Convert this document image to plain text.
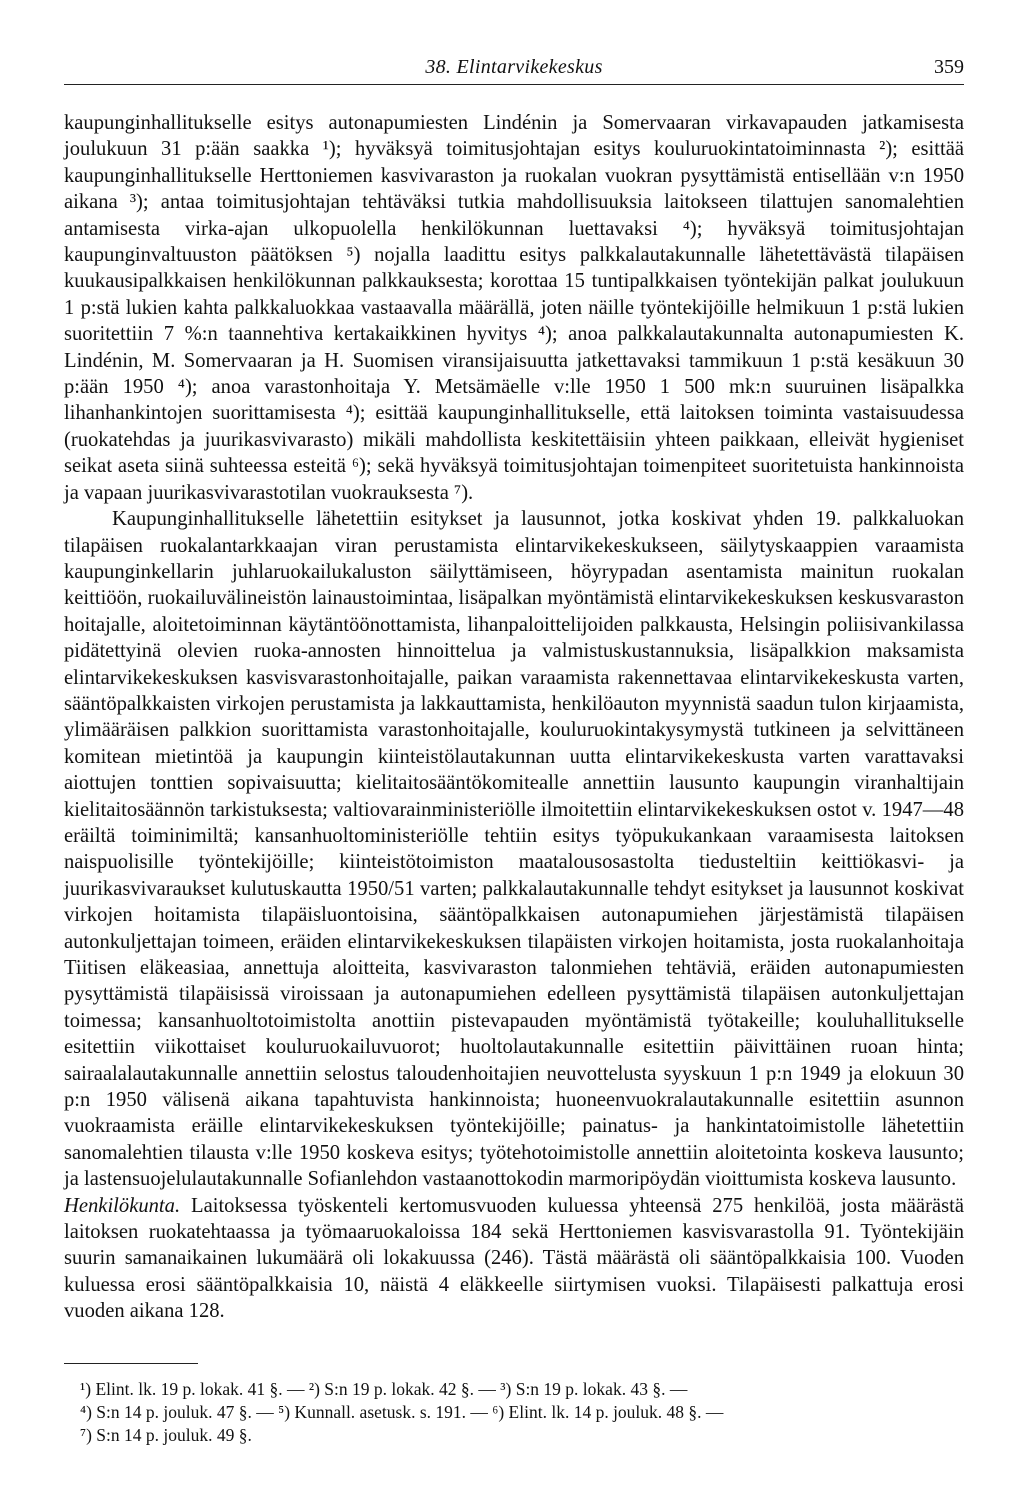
38. Elintarvikekeskus	359

kaupunginhallitukselle esitys autonapumiesten Lindénin ja Somervaaran virkavapauden jatkamisesta joulukuun 31 p:ään saakka ¹); hyväksyä toimitusjohtajan esitys kouluruokintatoiminnasta ²); esittää kaupunginhallitukselle Herttoniemen kasvivaraston ja ruokalan vuokran pysyttämistä entisellään v:n 1950 aikana ³); antaa toimitusjohtajan tehtäväksi tutkia mahdollisuuksia laitokseen tilattujen sanomalehtien antamisesta virka-ajan ulkopuolella henkilökunnan luettavaksi ⁴); hyväksyä toimitusjohtajan kaupunginvaltuuston päätöksen ⁵) nojalla laadittu esitys palkkalautakunnalle lähetettävästä tilapäisen kuukausipalkkaisen henkilökunnan palkkauksesta; korottaa 15 tuntipalkkaisen työntekijän palkat joulukuun 1 p:stä lukien kahta palkkaluokkaa vastaavalla määrällä, joten näille työntekijöille helmikuun 1 p:stä lukien suoritettiin 7 %:n taannehtiva kertakaikkinen hyvitys ⁴); anoa palkkalautakunnalta autonapumiesten K. Lindénin, M. Somervaaran ja H. Suomisen viransijaisuutta jatkettavaksi tammikuun 1 p:stä kesäkuun 30 p:ään 1950 ⁴); anoa varastonhoitaja Y. Metsämäelle v:lle 1950 1 500 mk:n suuruinen lisäpalkka lihanhankintojen suorittamisesta ⁴); esittää kaupunginhallitukselle, että laitoksen toiminta vastaisuudessa (ruokatehdas ja juurikasvivarasto) mikäli mahdollista keskitettäisiin yhteen paikkaan, elleivät hygieniset seikat aseta siinä suhteessa esteitä ⁶); sekä hyväksyä toimitusjohtajan toimenpiteet suoritetuista hankinnoista ja vapaan juurikasvivarastotilan vuokrauksesta ⁷).

Kaupunginhallitukselle lähetettiin esitykset ja lausunnot, jotka koskivat yhden 19. palkkaluokan tilapäisen ruokalantarkkaajan viran perustamista elintarvikekeskukseen, säilytyskaappien varaamista kaupunginkellarin juhlaruokailukaluston säilyttämiseen, höyrypadan asentamista mainitun ruokalan keittiöön, ruokailuvälineistön lainaustoimintaa, lisäpalkan myöntämistä elintarvikekeskuksen keskusvaraston hoitajalle, aloitetoiminnan käytäntöönottamista, lihanpaloittelijoiden palkkausta, Helsingin poliisivankilassa pidätettyinä olevien ruoka-annosten hinnoittelua ja valmistuskustannuksia, lisäpalkkion maksamista elintarvikekeskuksen kasvisvarastonhoitajalle, paikan varaamista rakennettavaa elintarvikekeskusta varten, sääntöpalkkaisten virkojen perustamista ja lakkauttamista, henkilöauton myynnistä saadun tulon kirjaamista, ylimääräisen palkkion suorittamista varastonhoitajalle, kouluruokintakysymystä tutkineen ja selvittäneen komitean mietintöä ja kaupungin kiinteistölautakunnan uutta elintarvikekeskusta varten varattavaksi aiottujen tonttien sopivaisuutta; kielitaitosääntökomitealle annettiin lausunto kaupungin viranhaltijain kielitaitosäännön tarkistuksesta; valtiovarainministeriölle ilmoitettiin elintarvikekeskuksen ostot v. 1947—48 eräiltä toiminimiltä; kansanhuoltoministeriölle tehtiin esitys työpukukankaan varaamisesta laitoksen naispuolisille työntekijöille; kiinteistötoimiston maatalousosastolta tiedusteltiin keittiökasvi- ja juurikasvivaraukset kulutuskautta 1950/51 varten; palkkalautakunnalle tehdyt esitykset ja lausunnot koskivat virkojen hoitamista tilapäisluontoisina, sääntöpalkkaisen autonapumiehen järjestämistä tilapäisen autonkuljettajan toimeen, eräiden elintarvikekeskuksen tilapäisten virkojen hoitamista, josta ruokalanhoitaja Tiitisen eläkeasiaa, annettuja aloitteita, kasvivaraston talonmiehen tehtäviä, eräiden autonapumiesten pysyttämistä tilapäisissä viroissaan ja autonapumiehen edelleen pysyttämistä tilapäisen autonkuljettajan toimessa; kansanhuoltotoimistolta anottiin pistevapauden myöntämistä työtakeille; kouluhallitukselle esitettiin viikottaiset kouluruokailuvuorot; huoltolautakunnalle esitettiin päivittäinen ruoan hinta; sairaalalautakunnalle annettiin selostus taloudenhoitajien neuvottelusta syyskuun 1 p:n 1949 ja elokuun 30 p:n 1950 välisenä aikana tapahtuvista hankinnoista; huoneenvuokralautakunnalle esitettiin asunnon vuokraamista eräille elintarvikekeskuksen työntekijöille; painatus- ja hankintatoimistolle lähetettiin sanomalehtien tilausta v:lle 1950 koskeva esitys; työtehotoimistolle annettiin aloitetointa koskeva lausunto; ja lastensuojelulautakunnalle Sofianlehdon vastaanottokodin marmoripöydän vioittumista koskeva lausunto.

Henkilökunta. Laitoksessa työskenteli kertomusvuoden kuluessa yhteensä 275 henkilöä, josta määrästä laitoksen ruokatehtaassa ja työmaaruokaloissa 184 sekä Herttoniemen kasvisvarastolla 91. Työntekijäin suurin samanaikainen lukumäärä oli lokakuussa (246). Tästä määrästä oli sääntöpalkkaisia 100. Vuoden kuluessa erosi sääntöpalkkaisia 10, näistä 4 eläkkeelle siirtymisen vuoksi. Tilapäisesti palkattuja erosi vuoden aikana 128.

¹) Elint. lk. 19 p. lokak. 41 §. — ²) S:n 19 p. lokak. 42 §. — ³) S:n 19 p. lokak. 43 §. —
⁴) S:n 14 p. jouluk. 47 §. — ⁵) Kunnall. asetusk. s. 191. — ⁶) Elint. lk. 14 p. jouluk. 48 §. —
⁷) S:n 14 p. jouluk. 49 §.
